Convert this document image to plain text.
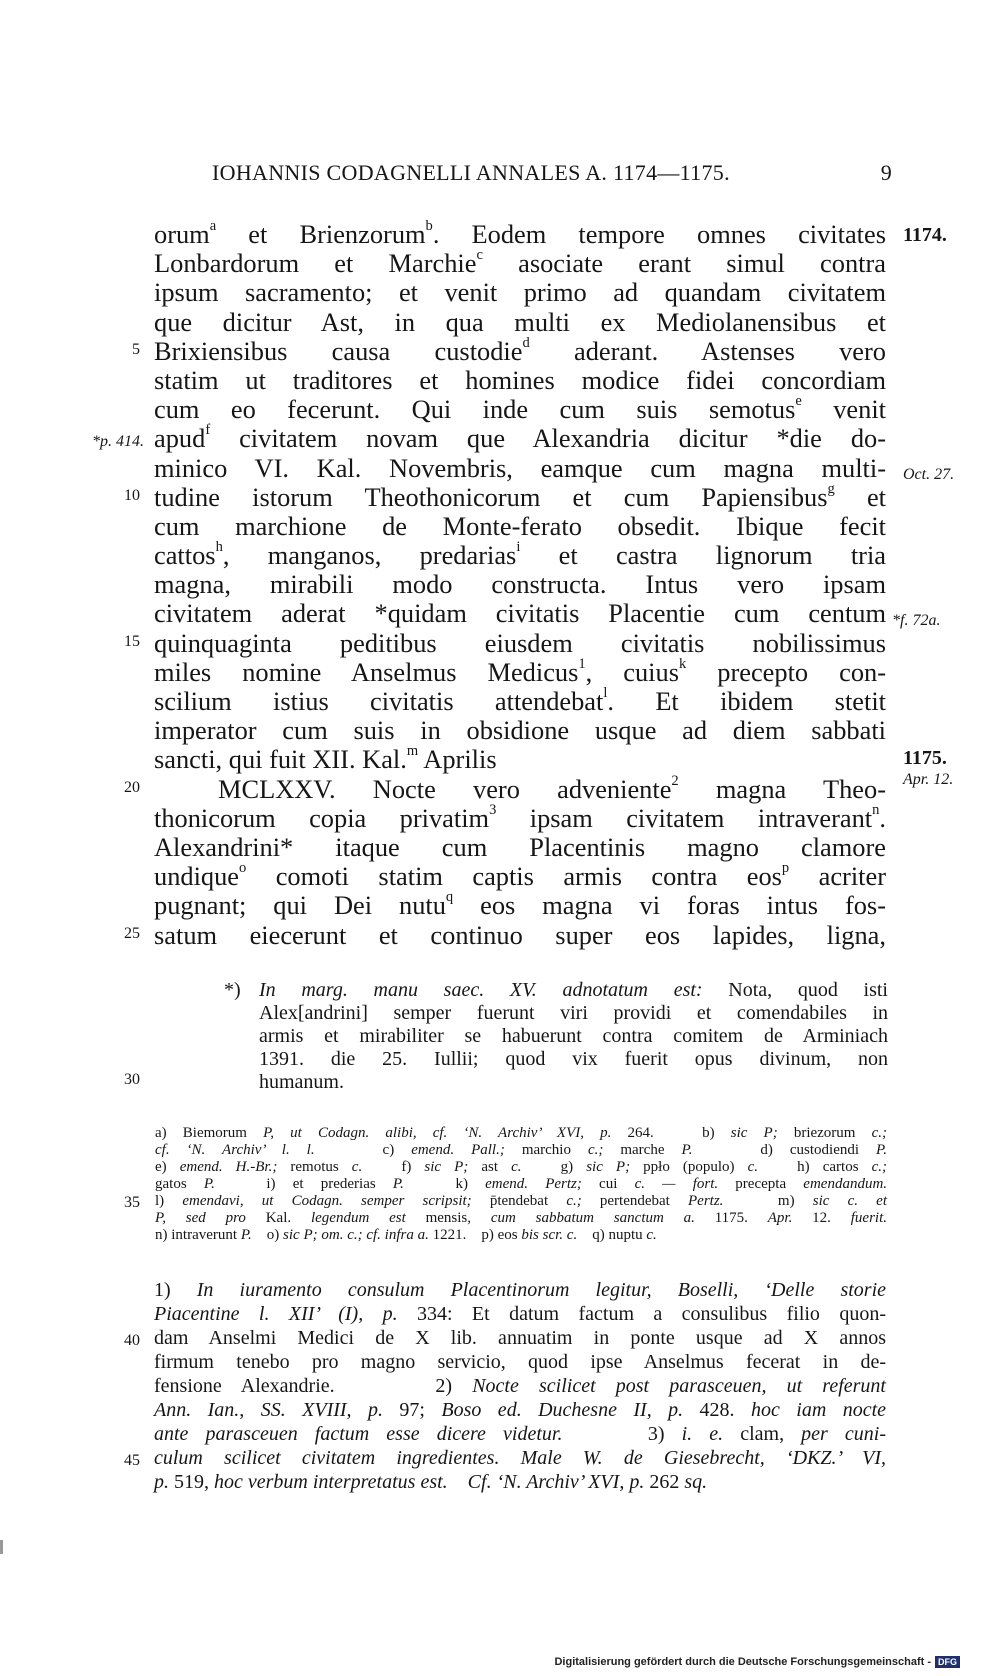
IOHANNIS CODAGNELLI ANNALES A. 1174—1175.	9
orum$^a$ et Brienzorum$^b$. Eodem tempore omnes civitates
Lonbardorum et Marchie$^c$ asociate erant simul contra
ipsum sacramento; et venit primo ad quandam civitatem
que dicitur Ast, in qua multi ex Mediolanensibus et
Brixiensibus causa custodie$^d$ aderant. Astenses vero
statim ut traditores et homines modice fidei concordiam
cum eo fecerunt. Qui inde cum suis semotus$^e$ venit
apud$^f$ civitatem novam que Alexandria dicitur *die do-
minico VI. Kal. Novembris, eamque cum magna multi-
tudine istorum Theothonicorum et cum Papiensibus$^g$ et
cum marchione de Monte-ferato obsedit. Ibique fecit
cattos$^h$, manganos, predarias$^i$ et castra lignorum tria
magna, mirabili modo constructa. Intus vero ipsam
civitatem aderat *quidam civitatis Placentie cum centum
quinquaginta peditibus eiusdem civitatis nobilissimus
miles nomine Anselmus Medicus$^1$, cuius$^k$ precepto con-
scilium istius civitatis attendebat$^l$. Et ibidem stetit
imperator cum suis in obsidione usque ad diem sabbati
sancti, qui fuit XII. Kal.$^m$ Aprilis
MCLXXV. Nocte vero adveniente$^2$ magna Theo-
thonicorum copia privatim$^3$ ipsam civitatem intraverant$^n$.
Alexandrini* itaque cum Placentinis magno clamore
undique$^o$ comoti statim captis armis contra eos$^p$ acriter
pugnant; qui Dei nutu$^q$ eos magna vi foras intus fos-
satum eiecerunt et continuo super eos lapides, ligna,
5
10
15
20
25
30
35
40
45
1174.
*p. 414.
Oct. 27.
*f. 72a.
1175.
Apr. 12.
*) In marg. manu saec. XV. adnotatum est: Nota, quod isti
Alex[andrini] semper fuerunt viri providi et comendabiles in
armis et mirabiliter se habuerunt contra comitem de Arminiach
1391. die 25. Iullii; quod vix fuerit opus divinum, non
humanum.
a) Biemorum P, ut Codagn. alibi, cf. ‘N. Archiv’ XVI, p. 264.   b) sic P; briezorum c.;
cf. ‘N. Archiv’ l. l.    c) emend. Pall.; marchio c.; marche P.    d) custodiendi P.
e) emend. H.-Br.; remotus c.   f) sic P; ast c.   g) sic P; ppło (populo) c.   h) cartos c.;
gatos P.   i) et prederias P.   k) emend. Pertz; cui c. — fort. precepta emendandum.
l) emendavi, ut Codagn. semper scripsit; p̄tendebat c.; pertendebat Pertz.   m) sic c. et
P, sed pro Kal. legendum est mensis, cum sabbatum sanctum a. 1175. Apr. 12. fuerit.
n) intraverunt P.    o) sic P; om. c.; cf. infra a. 1221.    p) eos bis scr. c.    q) nuptu c.
1) In iuramento consulum Placentinorum legitur, Boselli, ‘Delle storie
Piacentine l. XII’ (I), p. 334: Et datum factum a consulibus filio quon-
dam Anselmi Medici de X lib. annuatim in ponte usque ad X annos
firmum tenebo pro magno servicio, quod ipse Anselmus fecerat in de-
fensione Alexandrie.     2) Nocte scilicet post parasceuen, ut referunt
Ann. Ian., SS. XVIII, p. 97; Boso ed. Duchesne II, p. 428. hoc iam nocte
ante parasceuen factum esse dicere videtur.     3) i. e. clam, per cuni-
culum scilicet civitatem ingredientes. Male W. de Giesebrecht, ‘DKZ.’ VI,
p. 519, hoc verbum interpretatus est. Cf. ‘N. Archiv’ XVI, p. 262 sq.
Digitalisierung gefördert durch die Deutsche Forschungsgemeinschaft - DFG
